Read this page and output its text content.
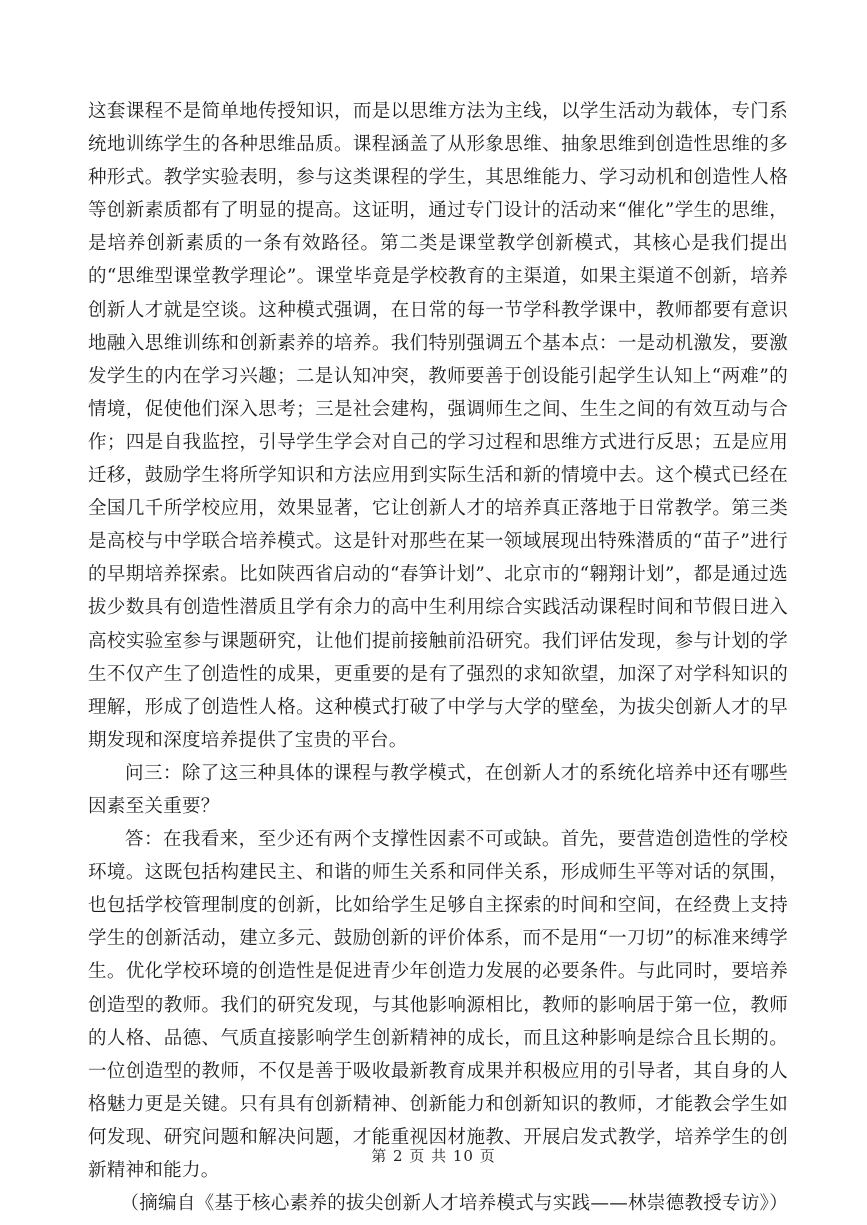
这套课程不是简单地传授知识，而是以思维方法为主线，以学生活动为载体，专门系统地训练学生的各种思维品质。课程涵盖了从形象思维、抽象思维到创造性思维的多种形式。教学实验表明，参与这类课程的学生，其思维能力、学习动机和创造性人格等创新素质都有了明显的提高。这证明，通过专门设计的活动来“催化”学生的思维，是培养创新素质的一条有效路径。第二类是课堂教学创新模式，其核心是我们提出的“思维型课堂教学理论”。课堂毕竟是学校教育的主渠道，如果主渠道不创新，培养创新人才就是空谈。这种模式强调，在日常的每一节学科教学课中，教师都要有意识地融入思维训练和创新素养的培养。我们特别强调五个基本点：一是动机激发，要激发学生的内在学习兴趣；二是认知冲突，教师要善于创设能引起学生认知上“两难”的情境，促使他们深入思考；三是社会建构，强调师生之间、生生之间的有效互动与合作；四是自我监控，引导学生学会对自己的学习过程和思维方式进行反思；五是应用迁移，鼓励学生将所学知识和方法应用到实际生活和新的情境中去。这个模式已经在全国几千所学校应用，效果显著，它让创新人才的培养真正落地于日常教学。第三类是高校与中学联合培养模式。这是针对那些在某一领域展现出特殊潜质的“苗子”进行的早期培养探索。比如陕西省启动的“春笋计划”、北京市的“翱翔计划”，都是通过选拔少数具有创造性潜质且学有余力的高中生利用综合实践活动课程时间和节假日进入高校实验室参与课题研究，让他们提前接触前沿研究。我们评估发现，参与计划的学生不仅产生了创造性的成果，更重要的是有了强烈的求知欲望，加深了对学科知识的理解，形成了创造性人格。这种模式打破了中学与大学的壁垒，为拔尖创新人才的早期发现和深度培养提供了宝贵的平台。

问三：除了这三种具体的课程与教学模式，在创新人才的系统化培养中还有哪些因素至关重要？

答：在我看来，至少还有两个支撑性因素不可或缺。首先，要营造创造性的学校环境。这既包括构建民主、和谐的师生关系和同伴关系，形成师生平等对话的氛围，也包括学校管理制度的创新，比如给学生足够自主探索的时间和空间，在经费上支持学生的创新活动，建立多元、鼓励创新的评价体系，而不是用“一刀切”的标准来缚学生。优化学校环境的创造性是促进青少年创造力发展的必要条件。与此同时，要培养创造型的教师。我们的研究发现，与其他影响源相比，教师的影响居于第一位，教师的人格、品德、气质直接影响学生创新精神的成长，而且这种影响是综合且长期的。一位创造型的教师，不仅是善于吸收最新教育成果并积极应用的引导者，其自身的人格魅力更是关键。只有具有创新精神、创新能力和创新知识的教师，才能教会学生如何发现、研究问题和解决问题，才能重视因材施教、开展启发式教学，培养学生的创新精神和能力。

（摘编自《基于核心素养的拔尖创新人才培养模式与实践——林崇德教授专访》）

第 2 页 共 10 页
